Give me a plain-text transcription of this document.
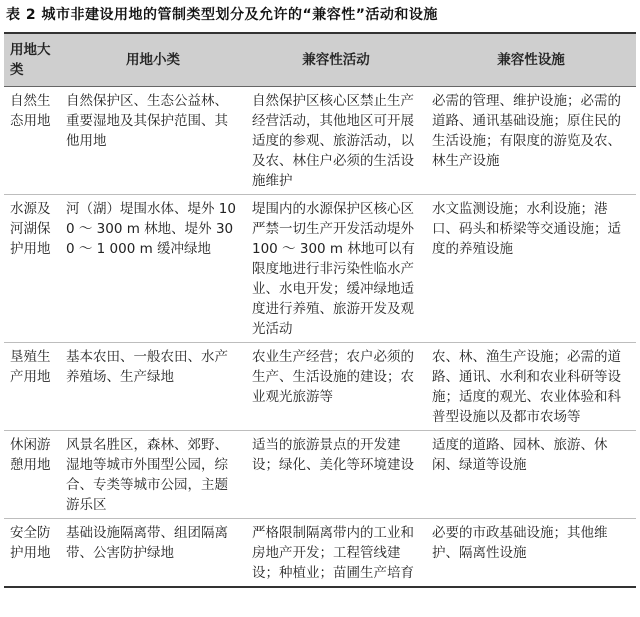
表 2 城市非建设用地的管制类型划分及允许的“兼容性”活动和设施
用地大类	用地小类	兼容性活动	兼容性设施
自然生态用地	自然保护区、生态公益林、重要湿地及其保护范围、其他用地	自然保护区核心区禁止生产经营活动，其他地区可开展适度的参观、旅游活动，以及农、林住户必须的生活设施维护	必需的管理、维护设施；必需的道路、通讯基础设施；原住民的生活设施；有限度的游览及农、林生产设施
水源及河湖保护用地	河（湖）堤围水体、堤外 100 ～ 300 m 林地、堤外 300 ～ 1 000 m 缓冲绿地	堤围内的水源保护区核心区严禁一切生产开发活动堤外 100 ～ 300 m 林地可以有限度地进行非污染性临水产业、水电开发；缓冲绿地适度进行养殖、旅游开发及观光活动	水文监测设施；水利设施；港口、码头和桥梁等交通设施；适度的养殖设施
垦殖生产用地	基本农田、一般农田、水产养殖场、生产绿地	农业生产经营；农户必须的生产、生活设施的建设；农业观光旅游等	农、林、渔生产设施；必需的道路、通讯、水利和农业科研等设施；适度的观光、农业体验和科普型设施以及都市农场等
休闲游憩用地	风景名胜区，森林、郊野、湿地等城市外围型公园，综合、专类等城市公园，主题游乐区	适当的旅游景点的开发建设；绿化、美化等环境建设	适度的道路、园林、旅游、休闲、绿道等设施
安全防护用地	基础设施隔离带、组团隔离带、公害防护绿地	严格限制隔离带内的工业和房地产开发；工程管线建设；种植业；苗圃生产培育	必要的市政基础设施；其他维护、隔离性设施
